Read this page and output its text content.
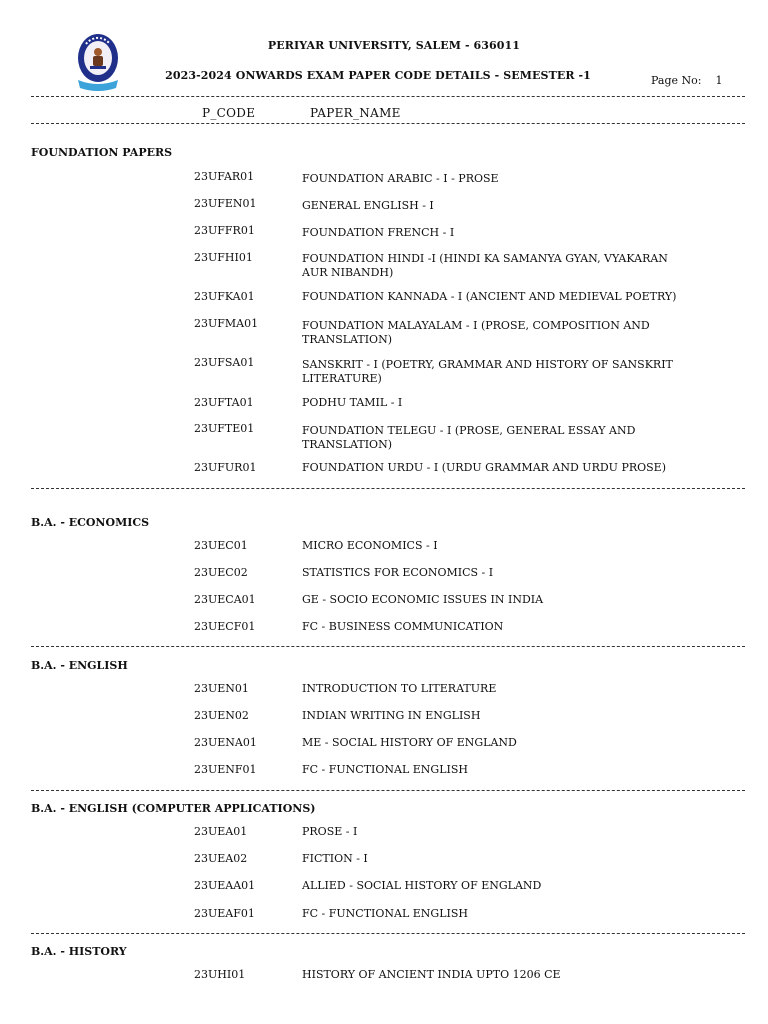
PERIYAR UNIVERSITY, SALEM - 636011
2023-2024 ONWARDS EXAM PAPER CODE DETAILS - SEMESTER -1	Page No: 1
P_CODE	PAPER_NAME
FOUNDATION PAPERS
23UFAR01	FOUNDATION ARABIC - I - PROSE
23UFEN01	GENERAL ENGLISH - I
23UFFR01	FOUNDATION FRENCH - I
23UFHI01	FOUNDATION HINDI -I (HINDI KA SAMANYA GYAN, VYAKARAN AUR NIBANDH)
23UFKA01	FOUNDATION KANNADA - I (ANCIENT AND MEDIEVAL POETRY)
23UFMA01	FOUNDATION MALAYALAM - I (PROSE, COMPOSITION AND TRANSLATION)
23UFSA01	SANSKRIT - I (POETRY, GRAMMAR AND HISTORY OF SANSKRIT LITERATURE)
23UFTA01	PODHU TAMIL - I
23UFTE01	FOUNDATION TELEGU - I (PROSE, GENERAL ESSAY AND TRANSLATION)
23UFUR01	FOUNDATION URDU - I (URDU GRAMMAR AND URDU PROSE)
B.A. - ECONOMICS
23UEC01	MICRO ECONOMICS - I
23UEC02	STATISTICS FOR ECONOMICS - I
23UECA01	GE - SOCIO ECONOMIC ISSUES IN INDIA
23UECF01	FC - BUSINESS COMMUNICATION
B.A. - ENGLISH
23UEN01	INTRODUCTION TO LITERATURE
23UEN02	INDIAN WRITING IN ENGLISH
23UENA01	ME - SOCIAL HISTORY OF ENGLAND
23UENF01	FC - FUNCTIONAL ENGLISH
B.A. - ENGLISH (COMPUTER APPLICATIONS)
23UEA01	PROSE - I
23UEA02	FICTION - I
23UEAA01	ALLIED - SOCIAL HISTORY OF ENGLAND
23UEAF01	FC - FUNCTIONAL ENGLISH
B.A. - HISTORY
23UHI01	HISTORY OF ANCIENT INDIA UPTO 1206 CE
